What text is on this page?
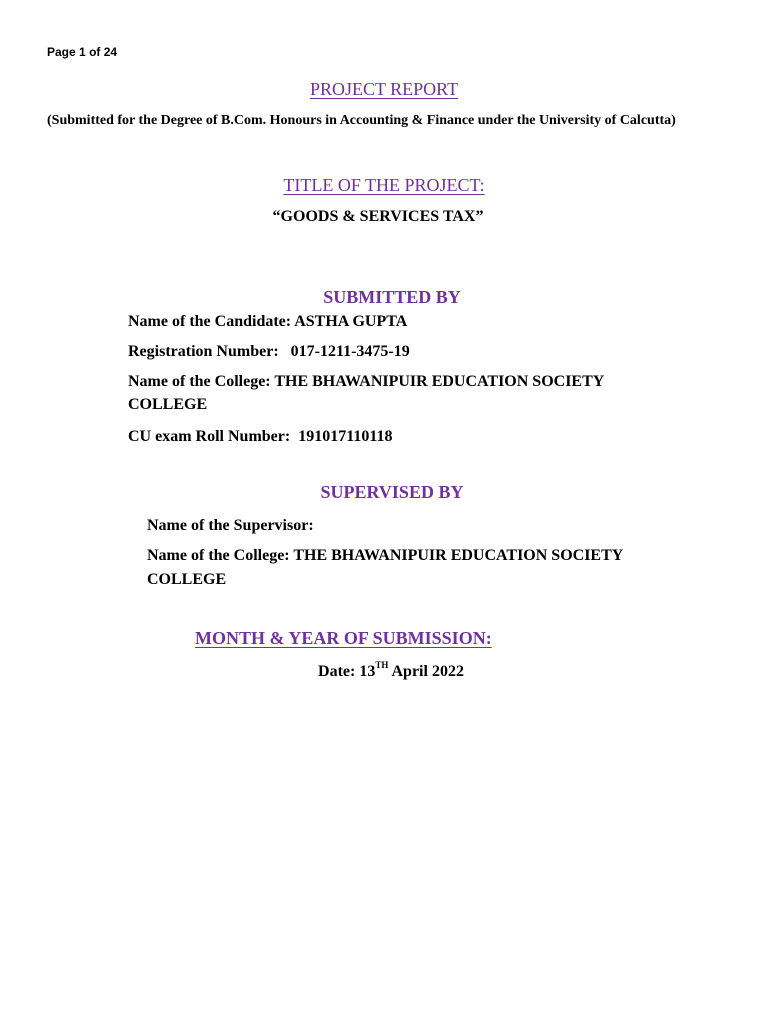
Page 1 of 24
PROJECT REPORT
(Submitted for the Degree of B.Com. Honours in Accounting & Finance under the University of Calcutta)
TITLE OF THE PROJECT:
“GOODS & SERVICES TAX”
SUBMITTED BY
Name of the Candidate: ASTHA GUPTA
Registration Number: 017-1211-3475-19
Name of the College: THE BHAWANIPUIR EDUCATION SOCIETY
COLLEGE
CU exam Roll Number: 191017110118
SUPERVISED BY
Name of the Supervisor:
Name of the College: THE BHAWANIPUIR EDUCATION SOCIETY
COLLEGE
MONTH & YEAR OF SUBMISSION:
Date: 13TH April 2022
